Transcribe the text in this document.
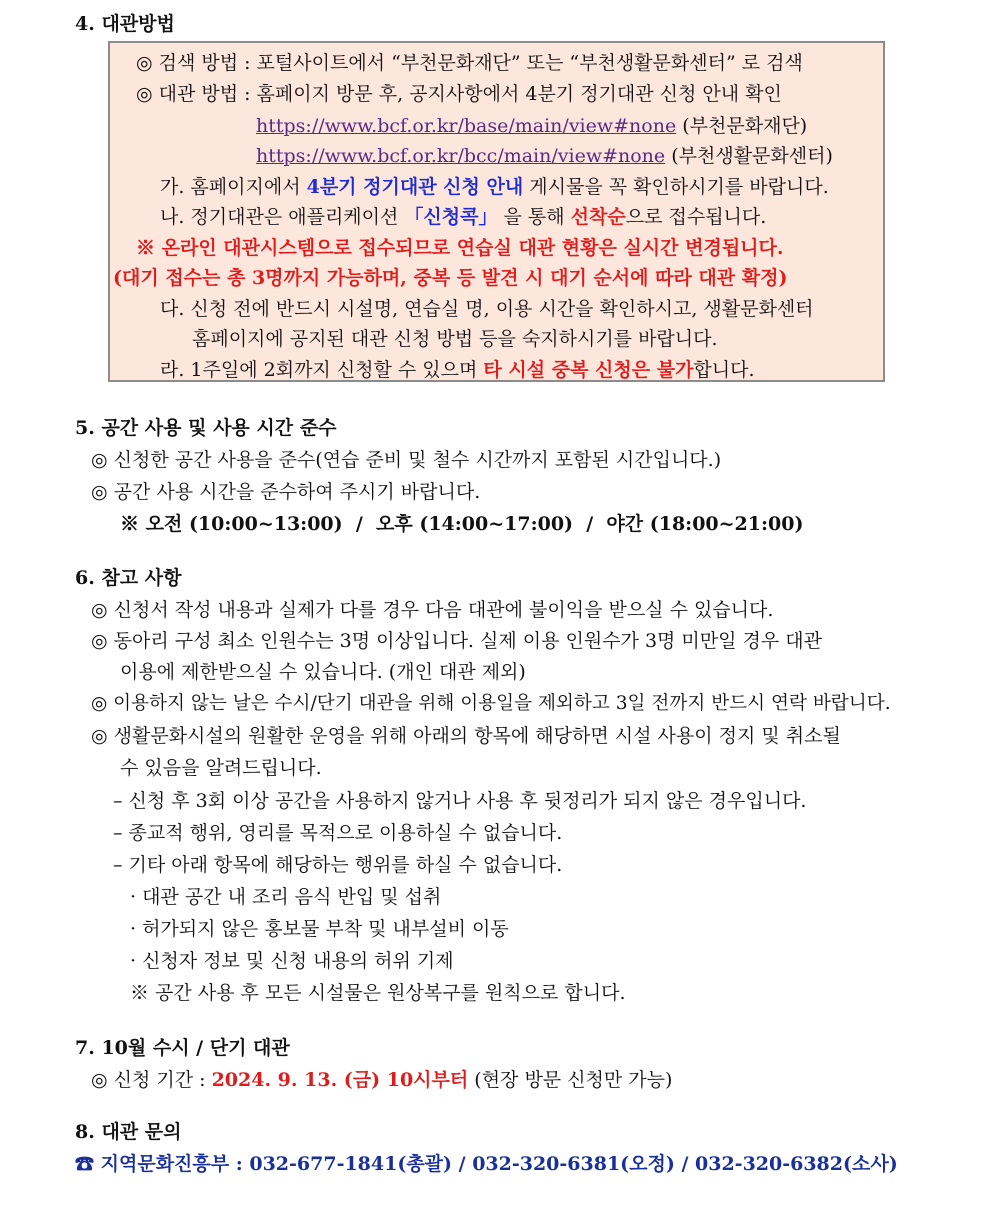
4. 대관방법
◎ 검색 방법 : 포털사이트에서 “부천문화재단” 또는 “부천생활문화센터” 로 검색
◎ 대관 방법 : 홈페이지 방문 후, 공지사항에서 4분기 정기대관 신청 안내 확인
https://www.bcf.or.kr/base/main/view#none (부천문화재단)
https://www.bcf.or.kr/bcc/main/view#none (부천생활문화센터)
가. 홈페이지에서 4분기 정기대관 신청 안내 게시물을 꼭 확인하시기를 바랍니다.
나. 정기대관은 애플리케이션 「신청콕」 을 통해 선착순으로 접수됩니다.
※ 온라인 대관시스템으로 접수되므로 연습실 대관 현황은 실시간 변경됩니다.
(대기 접수는 총 3명까지 가능하며, 중복 등 발견 시 대기 순서에 따라 대관 확정)
다. 신청 전에 반드시 시설명, 연습실 명, 이용 시간을 확인하시고, 생활문화센터
홈페이지에 공지된 대관 신청 방법 등을 숙지하시기를 바랍니다.
라. 1주일에 2회까지 신청할 수 있으며 타 시설 중복 신청은 불가합니다.
5. 공간 사용 및 사용 시간 준수
◎ 신청한 공간 사용을 준수(연습 준비 및 철수 시간까지 포함된 시간입니다.)
◎ 공간 사용 시간을 준수하여 주시기 바랍니다.
※ 오전 (10:00~13:00)  /  오후 (14:00~17:00)  /  야간 (18:00~21:00)
6. 참고 사항
◎ 신청서 작성 내용과 실제가 다를 경우 다음 대관에 불이익을 받으실 수 있습니다.
◎ 동아리 구성 최소 인원수는 3명 이상입니다. 실제 이용 인원수가 3명 미만일 경우 대관
이용에 제한받으실 수 있습니다. (개인 대관 제외)
◎ 이용하지 않는 날은 수시/단기 대관을 위해 이용일을 제외하고 3일 전까지 반드시 연락 바랍니다.
◎ 생활문화시설의 원활한 운영을 위해 아래의 항목에 해당하면 시설 사용이 정지 및 취소될
수 있음을 알려드립니다.
– 신청 후 3회 이상 공간을 사용하지 않거나 사용 후 뒷정리가 되지 않은 경우입니다.
– 종교적 행위, 영리를 목적으로 이용하실 수 없습니다.
– 기타 아래 항목에 해당하는 행위를 하실 수 없습니다.
· 대관 공간 내 조리 음식 반입 및 섭취
· 허가되지 않은 홍보물 부착 및 내부설비 이동
· 신청자 정보 및 신청 내용의 허위 기제
※ 공간 사용 후 모든 시설물은 원상복구를 원칙으로 합니다.
7. 10월 수시 / 단기 대관
◎ 신청 기간 : 2024. 9. 13. (금) 10시부터 (현장 방문 신청만 가능)
8. 대관 문의
☎ 지역문화진흥부 : 032-677-1841(총괄) / 032-320-6381(오정) / 032-320-6382(소사)
